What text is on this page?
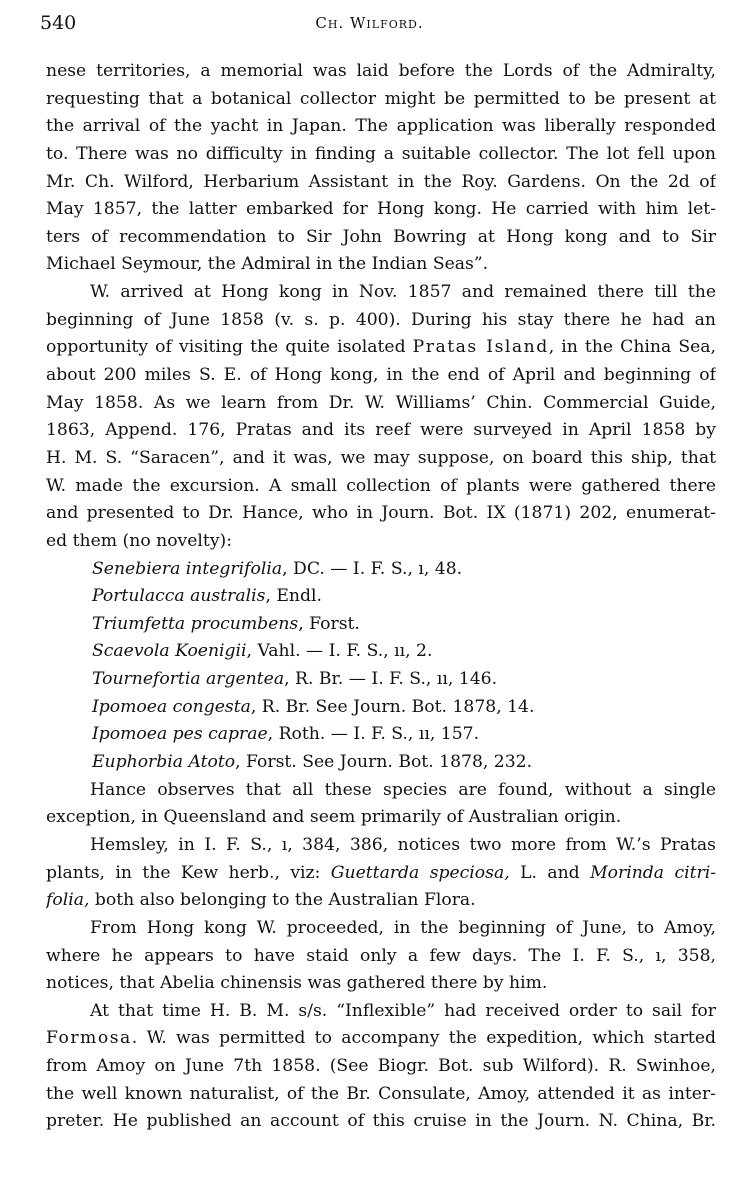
540	Ch. Wilford.
nese territories, a memorial was laid before the Lords of the Admiralty,
requesting that a botanical collector might be permitted to be present at
the arrival of the yacht in Japan. The application was liberally responded
to. There was no difficulty in finding a suitable collector. The lot fell upon
Mr. Ch. Wilford, Herbarium Assistant in the Roy. Gardens. On the 2d of
May 1857, the latter embarked for Hong kong. He carried with him let-
ters of recommendation to Sir John Bowring at Hong kong and to Sir
Michael Seymour, the Admiral in the Indian Seas”.
W. arrived at Hong kong in Nov. 1857 and remained there till the
beginning of June 1858 (v. s. p. 400). During his stay there he had an
opportunity of visiting the quite isolated Pratas Island, in the China Sea,
about 200 miles S. E. of Hong kong, in the end of April and beginning of
May 1858. As we learn from Dr. W. Williams’ Chin. Commercial Guide,
1863, Append. 176, Pratas and its reef were surveyed in April 1858 by
H. M. S. “Saracen”, and it was, we may suppose, on board this ship, that
W. made the excursion. A small collection of plants were gathered there
and presented to Dr. Hance, who in Journ. Bot. IX (1871) 202, enumerat-
ed them (no novelty):
Senebiera integrifolia, DC. — I. F. S., ı, 48.
Portulacca australis, Endl.
Triumfetta procumbens, Forst.
Scaevola Koenigii, Vahl. — I. F. S., ıı, 2.
Tournefortia argentea, R. Br. — I. F. S., ıı, 146.
Ipomoea congesta, R. Br. See Journ. Bot. 1878, 14.
Ipomoea pes caprae, Roth. — I. F. S., ıı, 157.
Euphorbia Atoto, Forst. See Journ. Bot. 1878, 232.
Hance observes that all these species are found, without a single
exception, in Queensland and seem primarily of Australian origin.
Hemsley, in I. F. S., ı, 384, 386, notices two more from W.’s Pratas
plants, in the Kew herb., viz: Guettarda speciosa, L. and Morinda citri-
folia, both also belonging to the Australian Flora.
From Hong kong W. proceeded, in the beginning of June, to Amoy,
where he appears to have staid only a few days. The I. F. S., ı, 358,
notices, that Abelia chinensis was gathered there by him.
At that time H. B. M. s/s. “Inflexible” had received order to sail for
Formosa. W. was permitted to accompany the expedition, which started
from Amoy on June 7th 1858. (See Biogr. Bot. sub Wilford). R. Swinhoe,
the well known naturalist, of the Br. Consulate, Amoy, attended it as inter-
preter. He published an account of this cruise in the Journ. N. China, Br.
